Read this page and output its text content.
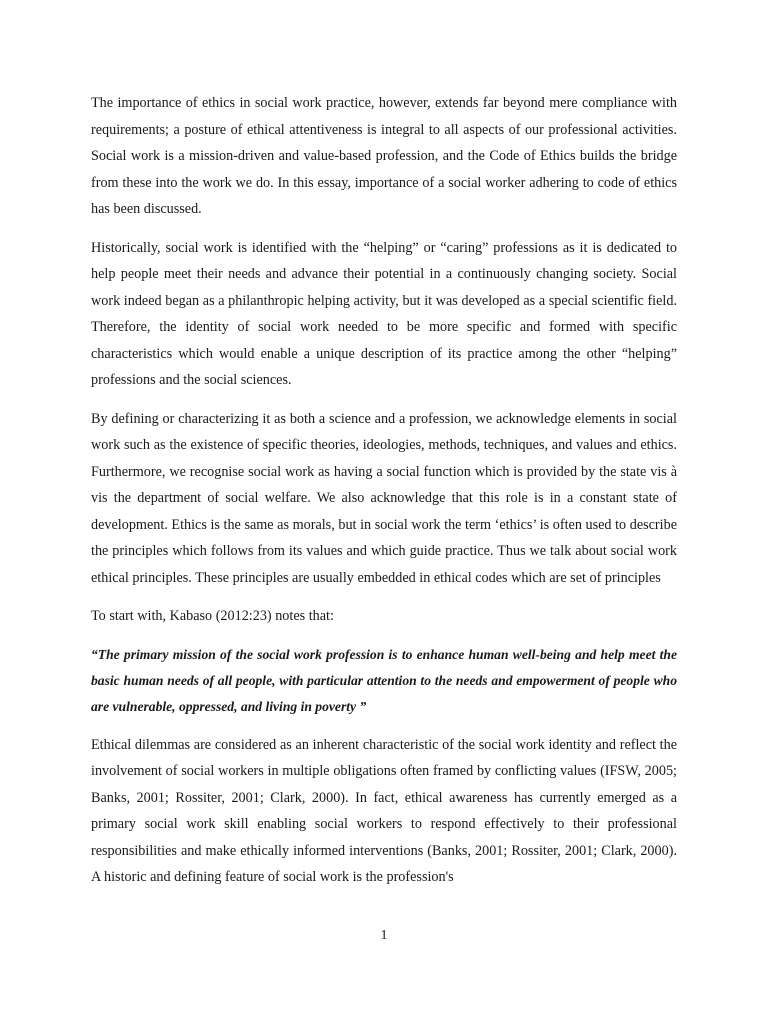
The importance of ethics in social work practice, however, extends far beyond mere compliance with requirements; a posture of ethical attentiveness is integral to all aspects of our professional activities. Social work is a mission-driven and value-based profession, and the Code of Ethics builds the bridge from these into the work we do. In this essay, importance of a social worker adhering to code of ethics has been discussed.

Historically, social work is identified with the “helping” or “caring” professions as it is dedicated to help people meet their needs and advance their potential in a continuously changing society. Social work indeed began as a philanthropic helping activity, but it was developed as a special scientific field. Therefore, the identity of social work needed to be more specific and formed with specific characteristics which would enable a unique description of its practice among the other “helping” professions and the social sciences.

By defining or characterizing it as both a science and a profession, we acknowledge elements in social work such as the existence of specific theories, ideologies, methods, techniques, and values and ethics. Furthermore, we recognise social work as having a social function which is provided by the state vis à vis the department of social welfare. We also acknowledge that this role is in a constant state of development. Ethics is the same as morals, but in social work the term ‘ethics’ is often used to describe the principles which follows from its values and which guide practice. Thus we talk about social work ethical principles. These principles are usually embedded in ethical codes which are set of principles

To start with, Kabaso (2012:23) notes that:

“The primary mission of the social work profession is to enhance human well-being and help meet the basic human needs of all people, with particular attention to the needs and empowerment of people who are vulnerable, oppressed, and living in poverty ”

Ethical dilemmas are considered as an inherent characteristic of the social work identity and reflect the involvement of social workers in multiple obligations often framed by conflicting values (IFSW, 2005; Banks, 2001; Rossiter, 2001; Clark, 2000). In fact, ethical awareness has currently emerged as a primary social work skill enabling social workers to respond effectively to their professional responsibilities and make ethically informed interventions (Banks, 2001; Rossiter, 2001; Clark, 2000). A historic and defining feature of social work is the profession's

1
